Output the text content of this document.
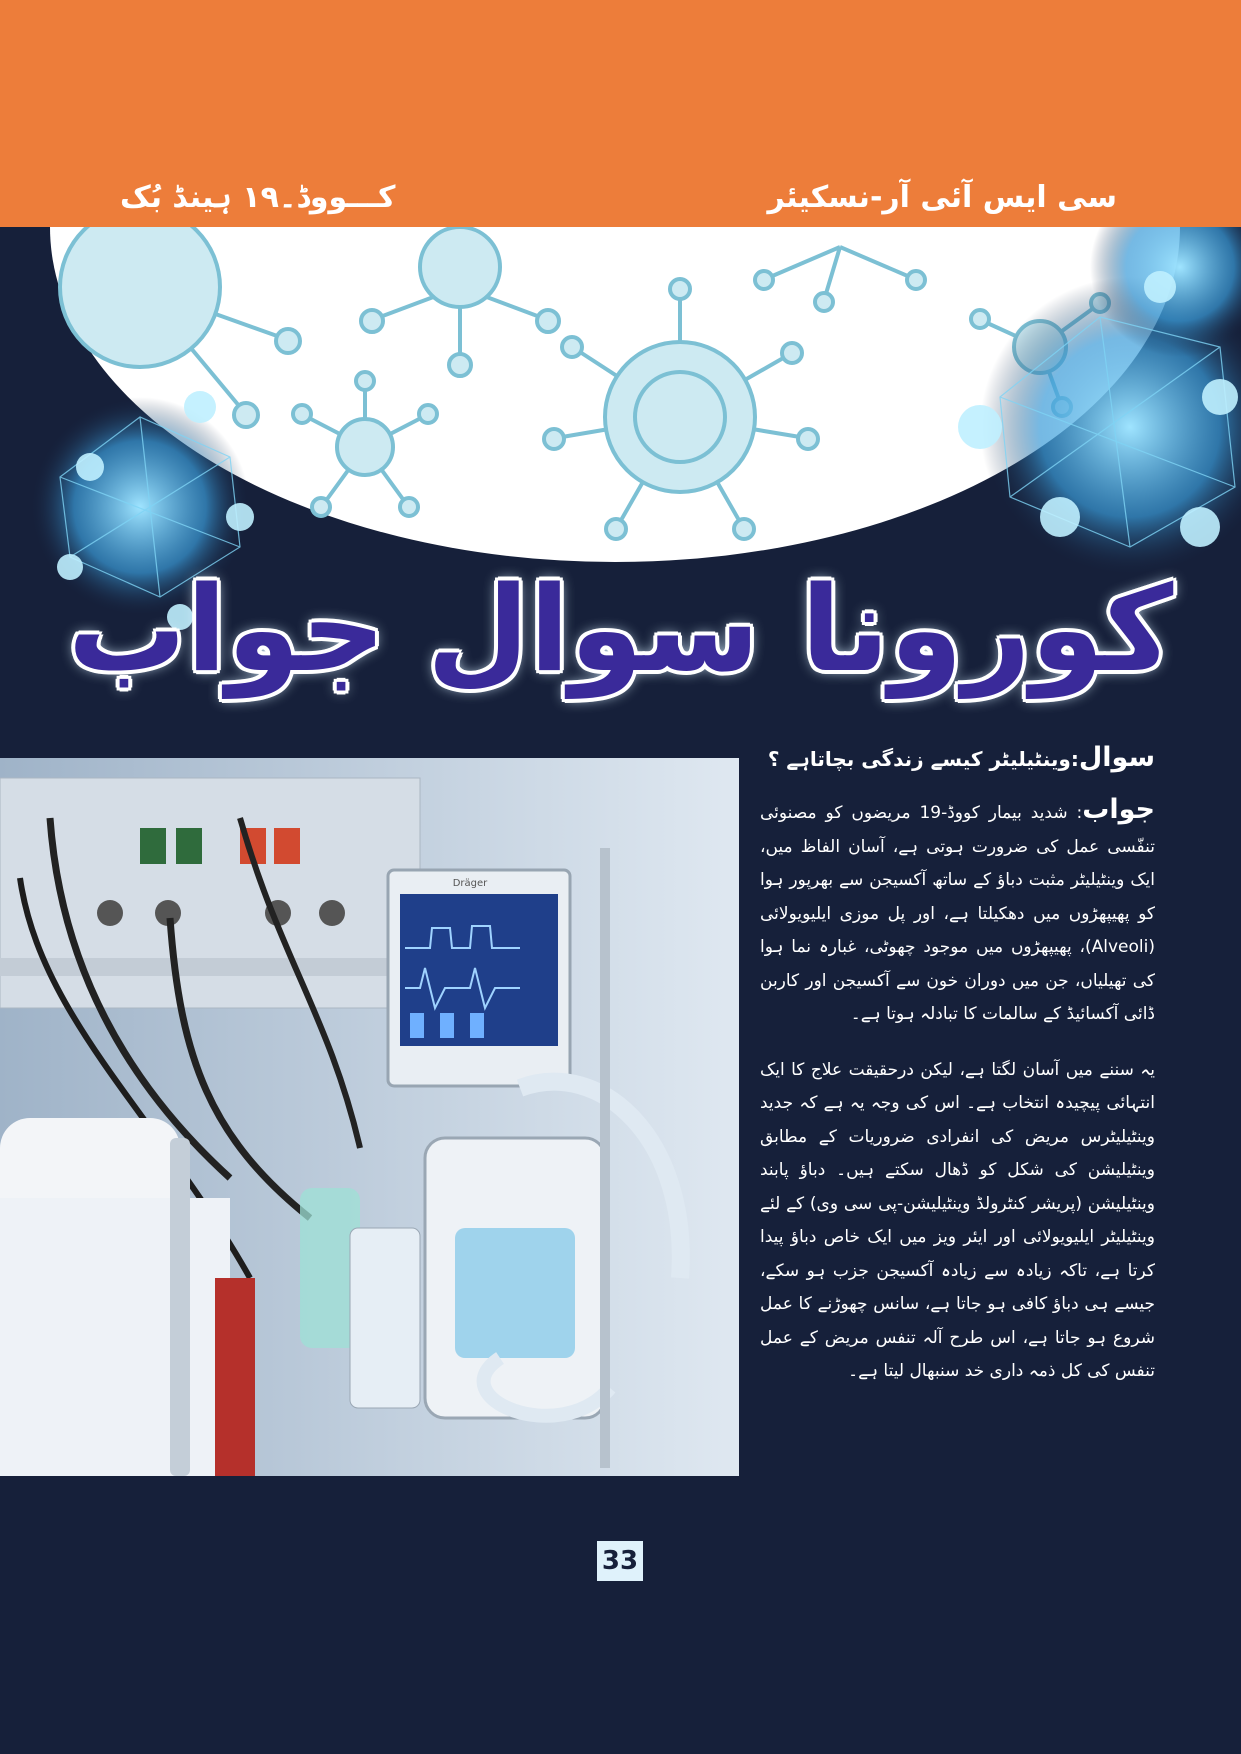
کـــووڈ۔۱۹ ہینڈ بُک	سی ایس آئی آر-نسکیئر
کورونا سوال جواب
Dräger

سوال:وینٹیلیٹر کیسے زندگی بچاتاہے ؟

جواب: شدید بیمار کووڈ-19 مریضوں کو مصنوئی تنفّسی عمل کی ضرورت ہوتی ہے، آسان الفاظ میں، ایک وینٹیلیٹر مثبت دباؤ کے ساتھ آکسیجن سے بھرپور ہوا کو پھیپھڑوں میں دھکیلتا ہے، اور پل موزی ایلیویولائی (Alveoli)، پھیپھڑوں میں موجود چھوٹی، غبارہ نما ہوا کی تھیلیاں، جن میں دوران خون سے آکسیجن اور کاربن ڈائی آکسائیڈ کے سالمات کا تبادلہ ہوتا ہے۔

یہ سننے میں آسان لگتا ہے، لیکن درحقیقت علاج کا ایک انتہائی پیچیدہ انتخاب ہے۔ اس کی وجہ یہ ہے کہ جدید وینٹیلیٹرس مریض کی انفرادی ضروریات کے مطابق وینٹیلیشن کی شکل کو ڈھال سکتے ہیں۔ دباؤ پابند وینٹیلیشن (پریشر کنٹرولڈ وینٹیلیشن-پی سی وی) کے لئے وینٹیلیٹر ایلیویولائی اور ایئر ویز میں ایک خاص دباؤ پیدا کرتا ہے، تاکہ زیادہ سے زیادہ آکسیجن جزب ہو سکے، جیسے ہی دباؤ کافی ہو جاتا ہے، سانس چھوڑنے کا عمل شروع ہو جاتا ہے، اس طرح آلہ تنفس مریض کے عمل تنفس کی کل ذمہ داری خد سنبھال لیتا ہے۔

33
